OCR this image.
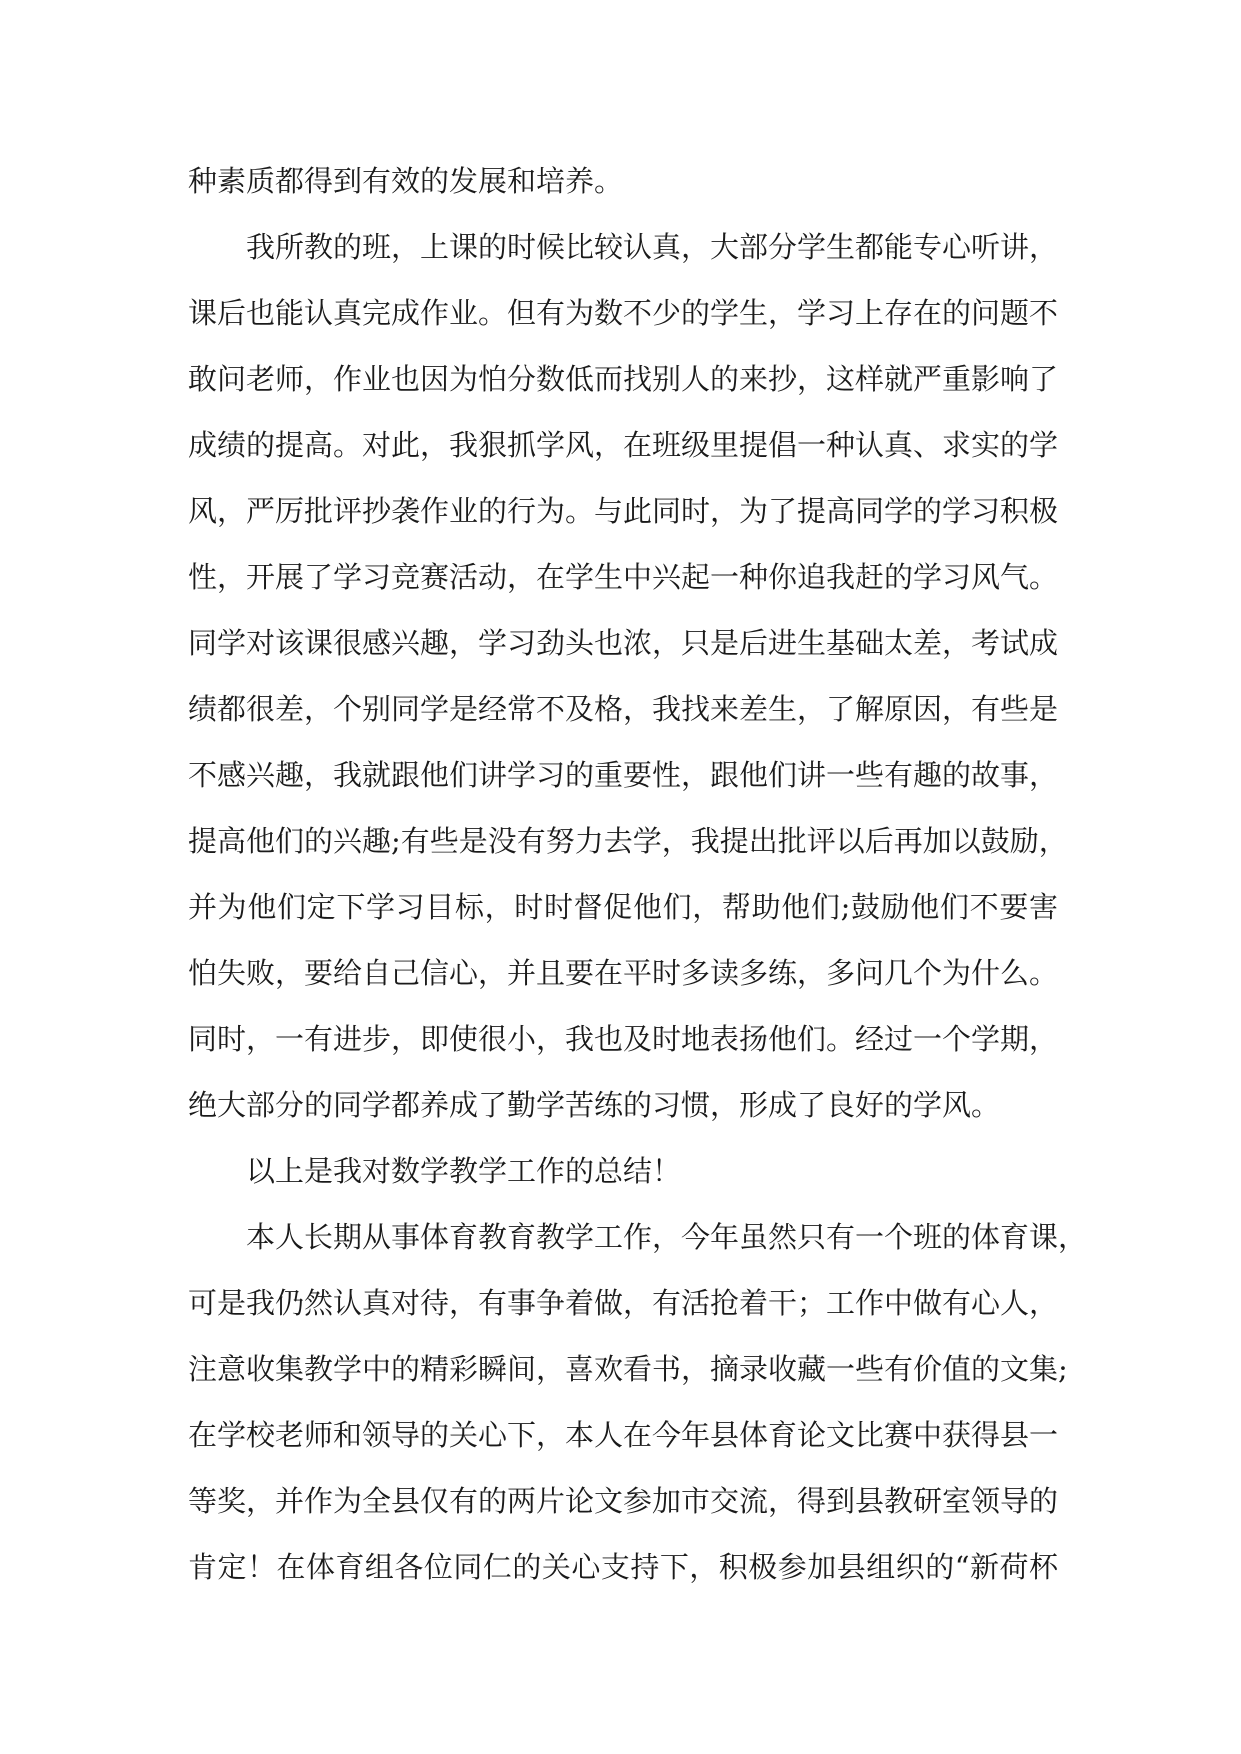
种素质都得到有效的发展和培养。
我所教的班，上课的时候比较认真，大部分学生都能专心听讲，
课后也能认真完成作业。但有为数不少的学生，学习上存在的问题不
敢问老师，作业也因为怕分数低而找别人的来抄，这样就严重影响了
成绩的提高。对此，我狠抓学风，在班级里提倡一种认真、求实的学
风，严厉批评抄袭作业的行为。与此同时，为了提高同学的学习积极
性，开展了学习竞赛活动，在学生中兴起一种你追我赶的学习风气。
同学对该课很感兴趣，学习劲头也浓，只是后进生基础太差，考试成
绩都很差，个别同学是经常不及格，我找来差生，了解原因，有些是
不感兴趣，我就跟他们讲学习的重要性，跟他们讲一些有趣的故事，
提高他们的兴趣;有些是没有努力去学，我提出批评以后再加以鼓励，
并为他们定下学习目标，时时督促他们，帮助他们;鼓励他们不要害
怕失败，要给自己信心，并且要在平时多读多练，多问几个为什么。
同时，一有进步，即使很小，我也及时地表扬他们。经过一个学期，
绝大部分的同学都养成了勤学苦练的习惯，形成了良好的学风。
以上是我对数学教学工作的总结！
本人长期从事体育教育教学工作，今年虽然只有一个班的体育课，
可是我仍然认真对待，有事争着做，有活抢着干；工作中做有心人，
注意收集教学中的精彩瞬间，喜欢看书，摘录收藏一些有价值的文集;
在学校老师和领导的关心下，本人在今年县体育论文比赛中获得县一
等奖，并作为全县仅有的两片论文参加市交流，得到县教研室领导的
肯定！在体育组各位同仁的关心支持下，积极参加县组织的“新荷杯
